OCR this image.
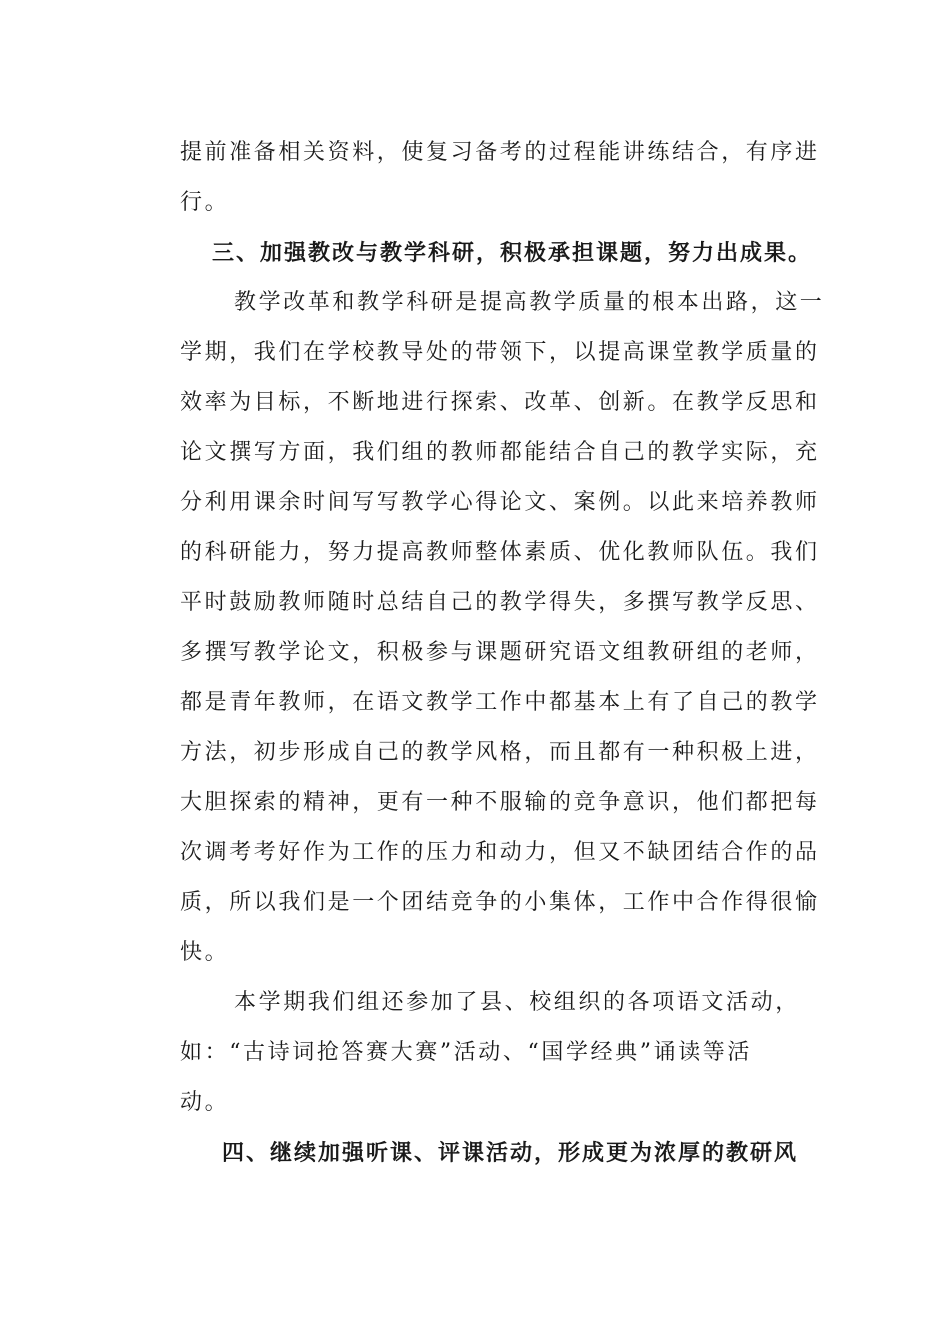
提前准备相关资料，使复习备考的过程能讲练结合，有序进
行。
三、加强教改与教学科研，积极承担课题，努力出成果。
教学改革和教学科研是提高教学质量的根本出路，这一
学期，我们在学校教导处的带领下，以提高课堂教学质量的
效率为目标，不断地进行探索、改革、创新。在教学反思和
论文撰写方面，我们组的教师都能结合自己的教学实际，充
分利用课余时间写写教学心得论文、案例。以此来培养教师
的科研能力，努力提高教师整体素质、优化教师队伍。我们
平时鼓励教师随时总结自己的教学得失，多撰写教学反思、
多撰写教学论文，积极参与课题研究语文组教研组的老师，
都是青年教师，在语文教学工作中都基本上有了自己的教学
方法，初步形成自己的教学风格，而且都有一种积极上进，
大胆探索的精神，更有一种不服输的竞争意识，他们都把每
次调考考好作为工作的压力和动力，但又不缺团结合作的品
质，所以我们是一个团结竞争的小集体，工作中合作得很愉
快。
本学期我们组还参加了县、校组织的各项语文活动，
如：“古诗词抢答赛大赛”活动、“国学经典”诵读等活
动。
四、继续加强听课、评课活动，形成更为浓厚的教研风
